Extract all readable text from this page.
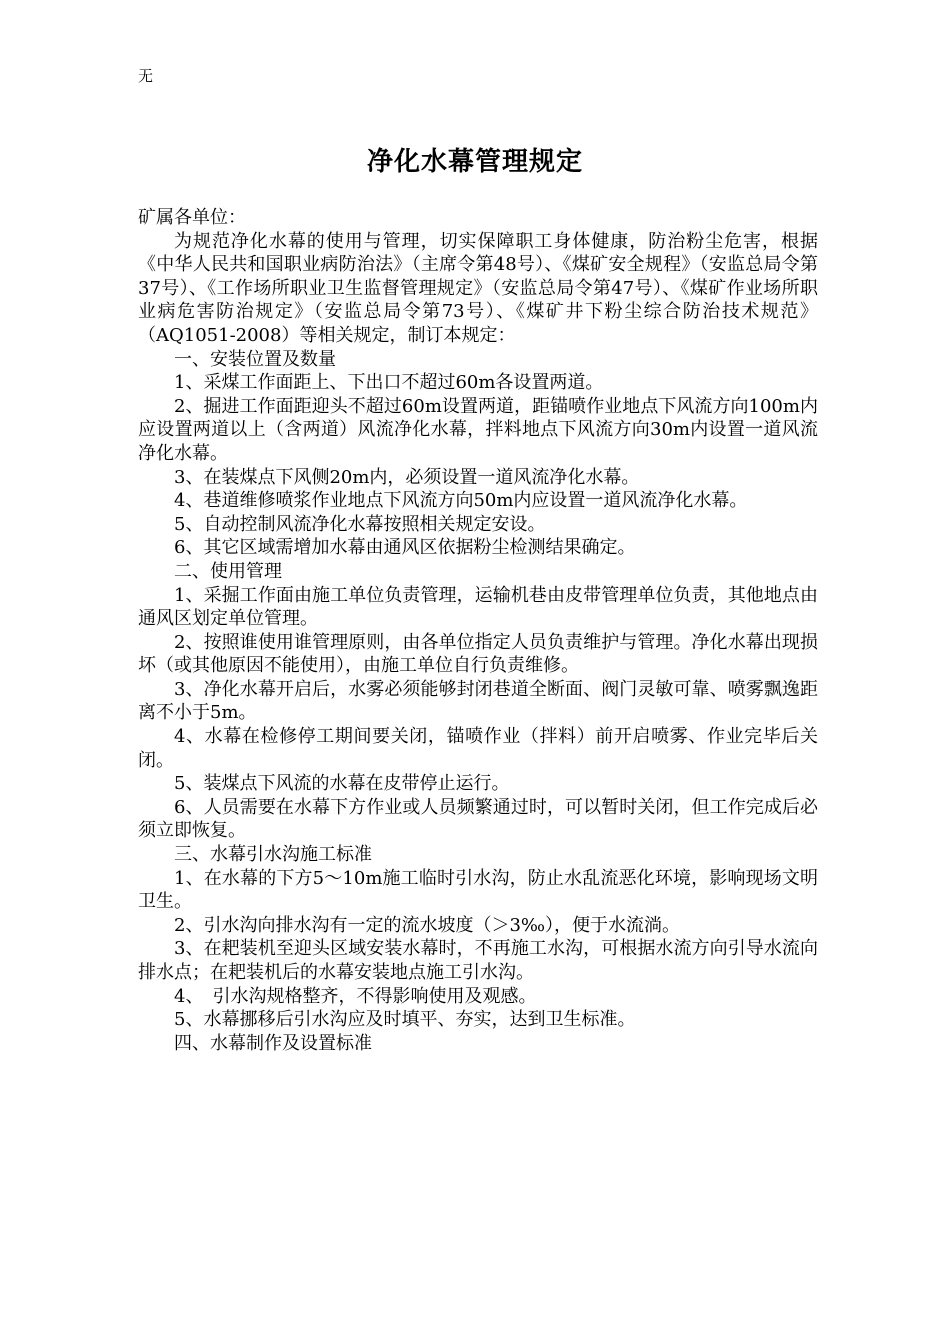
无
净化水幕管理规定

矿属各单位：

为规范净化水幕的使用与管理，切实保障职工身体健康，防治粉尘危害，根据《中华人民共和国职业病防治法》（主席令第48号）、《煤矿安全规程》（安监总局令第37号）、《工作场所职业卫生监督管理规定》（安监总局令第47号）、《煤矿作业场所职业病危害防治规定》（安监总局令第73号）、《煤矿井下粉尘综合防治技术规范》（AQ1051-2008）等相关规定，制订本规定：

一、安装位置及数量

1、采煤工作面距上、下出口不超过60m各设置两道。

2、掘进工作面距迎头不超过60m设置两道，距锚喷作业地点下风流方向100m内应设置两道以上（含两道）风流净化水幕，拌料地点下风流方向30m内设置一道风流净化水幕。

3、在装煤点下风侧20m内，必须设置一道风流净化水幕。

4、巷道维修喷浆作业地点下风流方向50m内应设置一道风流净化水幕。

5、自动控制风流净化水幕按照相关规定安设。

6、其它区域需增加水幕由通风区依据粉尘检测结果确定。

二、使用管理

1、采掘工作面由施工单位负责管理，运输机巷由皮带管理单位负责，其他地点由通风区划定单位管理。

2、按照谁使用谁管理原则，由各单位指定人员负责维护与管理。净化水幕出现损坏（或其他原因不能使用），由施工单位自行负责维修。

3、净化水幕开启后，水雾必须能够封闭巷道全断面、阀门灵敏可靠、喷雾飘逸距离不小于5m。

4、水幕在检修停工期间要关闭，锚喷作业（拌料）前开启喷雾、作业完毕后关闭。

5、装煤点下风流的水幕在皮带停止运行。

6、人员需要在水幕下方作业或人员频繁通过时，可以暂时关闭，但工作完成后必须立即恢复。

三、水幕引水沟施工标准

1、在水幕的下方5～10m施工临时引水沟，防止水乱流恶化环境，影响现场文明卫生。

2、引水沟向排水沟有一定的流水坡度（＞3‰），便于水流淌。

3、在耙装机至迎头区域安装水幕时，不再施工水沟，可根据水流方向引导水流向排水点；在耙装机后的水幕安装地点施工引水沟。

4、　引水沟规格整齐，不得影响使用及观感。

5、水幕挪移后引水沟应及时填平、夯实，达到卫生标准。

四、水幕制作及设置标准
